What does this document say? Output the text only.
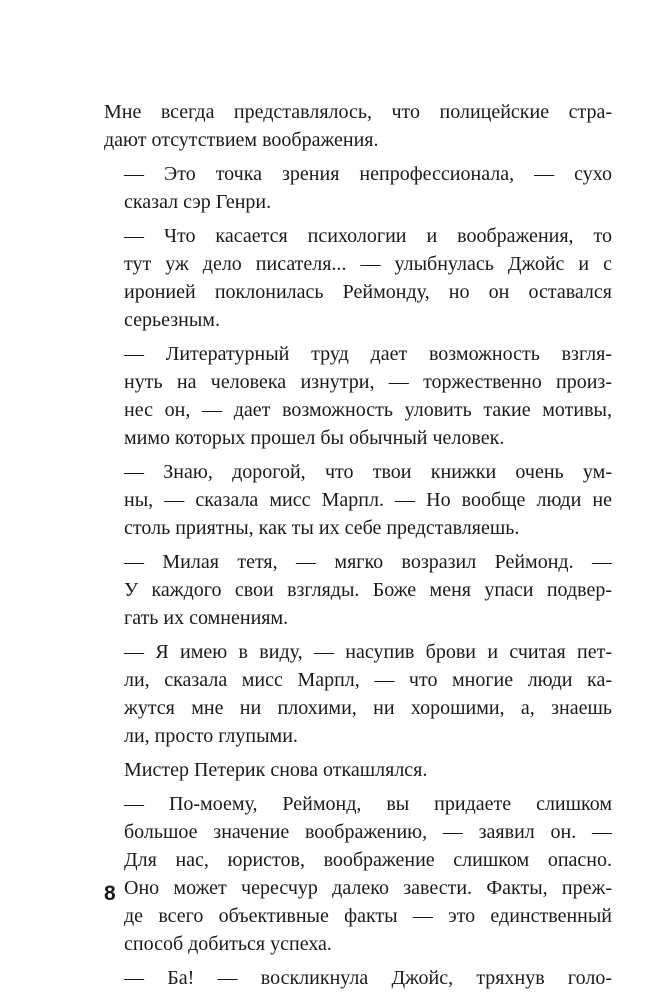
Мне всегда представлялось, что полицейские стра-
дают отсутствием воображения.

— Это точка зрения непрофессионала, — сухо
сказал сэр Генри.

— Что касается психологии и воображения, то
тут уж дело писателя... — улыбнулась Джойс и с
иронией поклонилась Реймонду, но он оставался
серьезным.

— Литературный труд дает возможность взгля-
нуть на человека изнутри, — торжественно произ-
нес он, — дает возможность уловить такие мотивы,
мимо которых прошел бы обычный человек.

— Знаю, дорогой, что твои книжки очень ум-
ны, — сказала мисс Марпл. — Но вообще люди не
столь приятны, как ты их себе представляешь.

— Милая тетя, — мягко возразил Реймонд. —
У каждого свои взгляды. Боже меня упаси подвер-
гать их сомнениям.

— Я имею в виду, — насупив брови и считая пет-
ли, сказала мисс Марпл, — что многие люди ка-
жутся мне ни плохими, ни хорошими, а, знаешь
ли, просто глупыми.

Мистер Петерик снова откашлялся.

— По-моему, Реймонд, вы придаете слишком
большое значение воображению, — заявил он. —
Для нас, юристов, воображение слишком опасно.
Оно может чересчур далеко завести. Факты, преж-
де всего объективные факты — это единственный
способ добиться успеха.

— Ба! — воскликнула Джойс, тряхнув голо-

8
